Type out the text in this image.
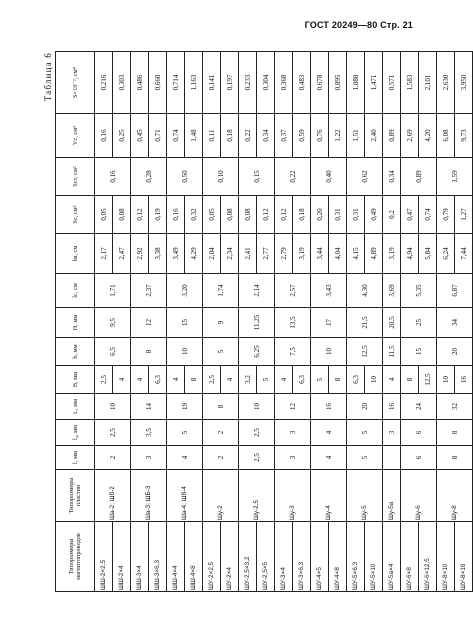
ГОСТ 20249—80 Стр. 21
Таблица 6
Типоразмеры магнитопроводов	Типоразмеры пластин	l, мм	l₀, мм	L, мм	B, мм	b, мм	H, мм	lc, см	lм, см	Sc, см²	Sст, см²	Vc, см³	S×10⁻², см⁴
ШШ-2×2,5	Ша-2; Шб-2	2	2,5	10	2,5	6,5	9,5	1,71	2,17	0,05	0,16	0,16	0,216
ШШ-2×4					4				2,47	0,08		0,25	0,303
ШШ-3×4	Ша-3; ШБ-3	3	3,5	14	4	8	12	2,37	2,92	0,12	0,28	0,45	0,486
ШШ-3×6,3					6,3				3,38	0,19		0,71	0,660
ШШ-4×4	Ша-4; Шб-4	4	5	19	4	10	15	3,20	3,49	0,16	0,50	0,74	0,714
ШШ-4×8					8				4,29	0,32		1,48	1,163
ШУ-2×2,5	Шу-2	2	2	8	2,5	5	9	1,74	2,04	0,05	0,10	0,11	0,141
ШУ-2×4					4				2,34	0,08		0,18	0,197
ШУ-2,5×3,2	Шу-2,5	2,5	2,5	10	3,2	6,25	11,25	2,14	2,41	0,08	0,15	0,22	0,233
ШУ-2,5×5					5				2,77	0,12		0,34	0,304
ШУ-3×4	Шу-3	3	3	12	4	7,5	13,5	2,57	2,79	0,12	0,22	0,37	0,368
ШУ-3×6,3					6,3				3,19	0,18		0,59	0,483
ШУ-4×5	Шу-4	4	4	16	5	10	17	3,43	3,44	0,20	0,40	0,76	0,678
ШУ-4×8					8				4,04	0,31		1,22	0,895
ШУ-5×6,3	Шу-5	5	5	20	6,3	12,5	21,5	4,30	4,15	0,31	0,62	1,51	1,080
ШУ-5×10					10				4,89	0,49		2,40	1,471
ШУ-5а×4	Шу-5а		3	16	4	11,5	20,5	3,69	3,19	0,2	0,34	0,89	0,571
ШУ-6×8	Шу-6	6	6	24	8	15	25	5,35	4,94	0,47	0,89	2,69	1,583
ШУ-6×12,5					12,5				5,84	0,74		4,20	2,101
ШУ-8×10	Шу-8	8	8	32	10	20	34	6,87	6,24	0,79	1,59	6,08	2,630
ШУ-8×16					16				7,44	1,27		9,73	3,950
